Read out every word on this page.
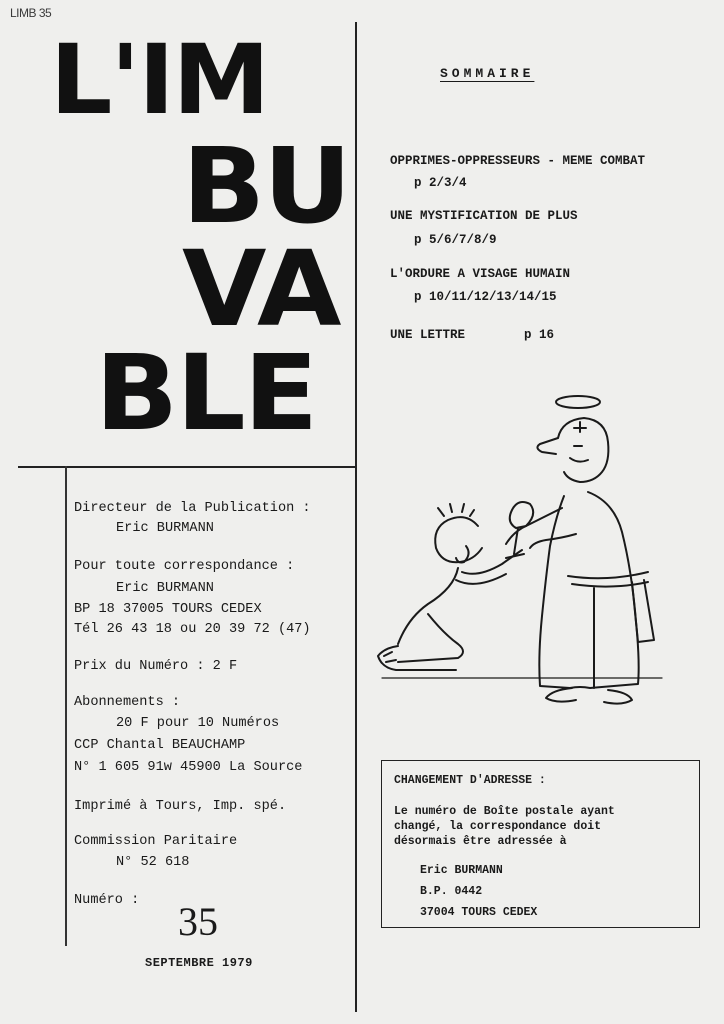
LIMB 35
L'IM
BU
VA
BLE
Directeur de la Publication :
Eric BURMANN
Pour toute correspondance :
Eric BURMANN
BP 18 37005 TOURS CEDEX
Tél 26 43 18 ou 20 39 72 (47)
Prix du Numéro : 2 F
Abonnements :
20 F pour 10 Numéros
CCP Chantal BEAUCHAMP
N° 1 605 91w 45900 La Source
Imprimé à Tours, Imp. spé.
Commission Paritaire
N° 52 618
Numéro : 35
SEPTEMBRE 1979
SOMMAIRE
OPPRIMES-OPPRESSEURS - MEME COMBAT
p 2/3/4
UNE MYSTIFICATION DE PLUS
p 5/6/7/8/9
L'ORDURE A VISAGE HUMAIN
p 10/11/12/13/14/15
UNE LETTRE	p 16
CHANGEMENT D'ADRESSE :
Le numéro de Boîte postale ayant
changé, la correspondance doit
désormais être adressée à
Eric BURMANN
B.P. 0442
37004 TOURS CEDEX
